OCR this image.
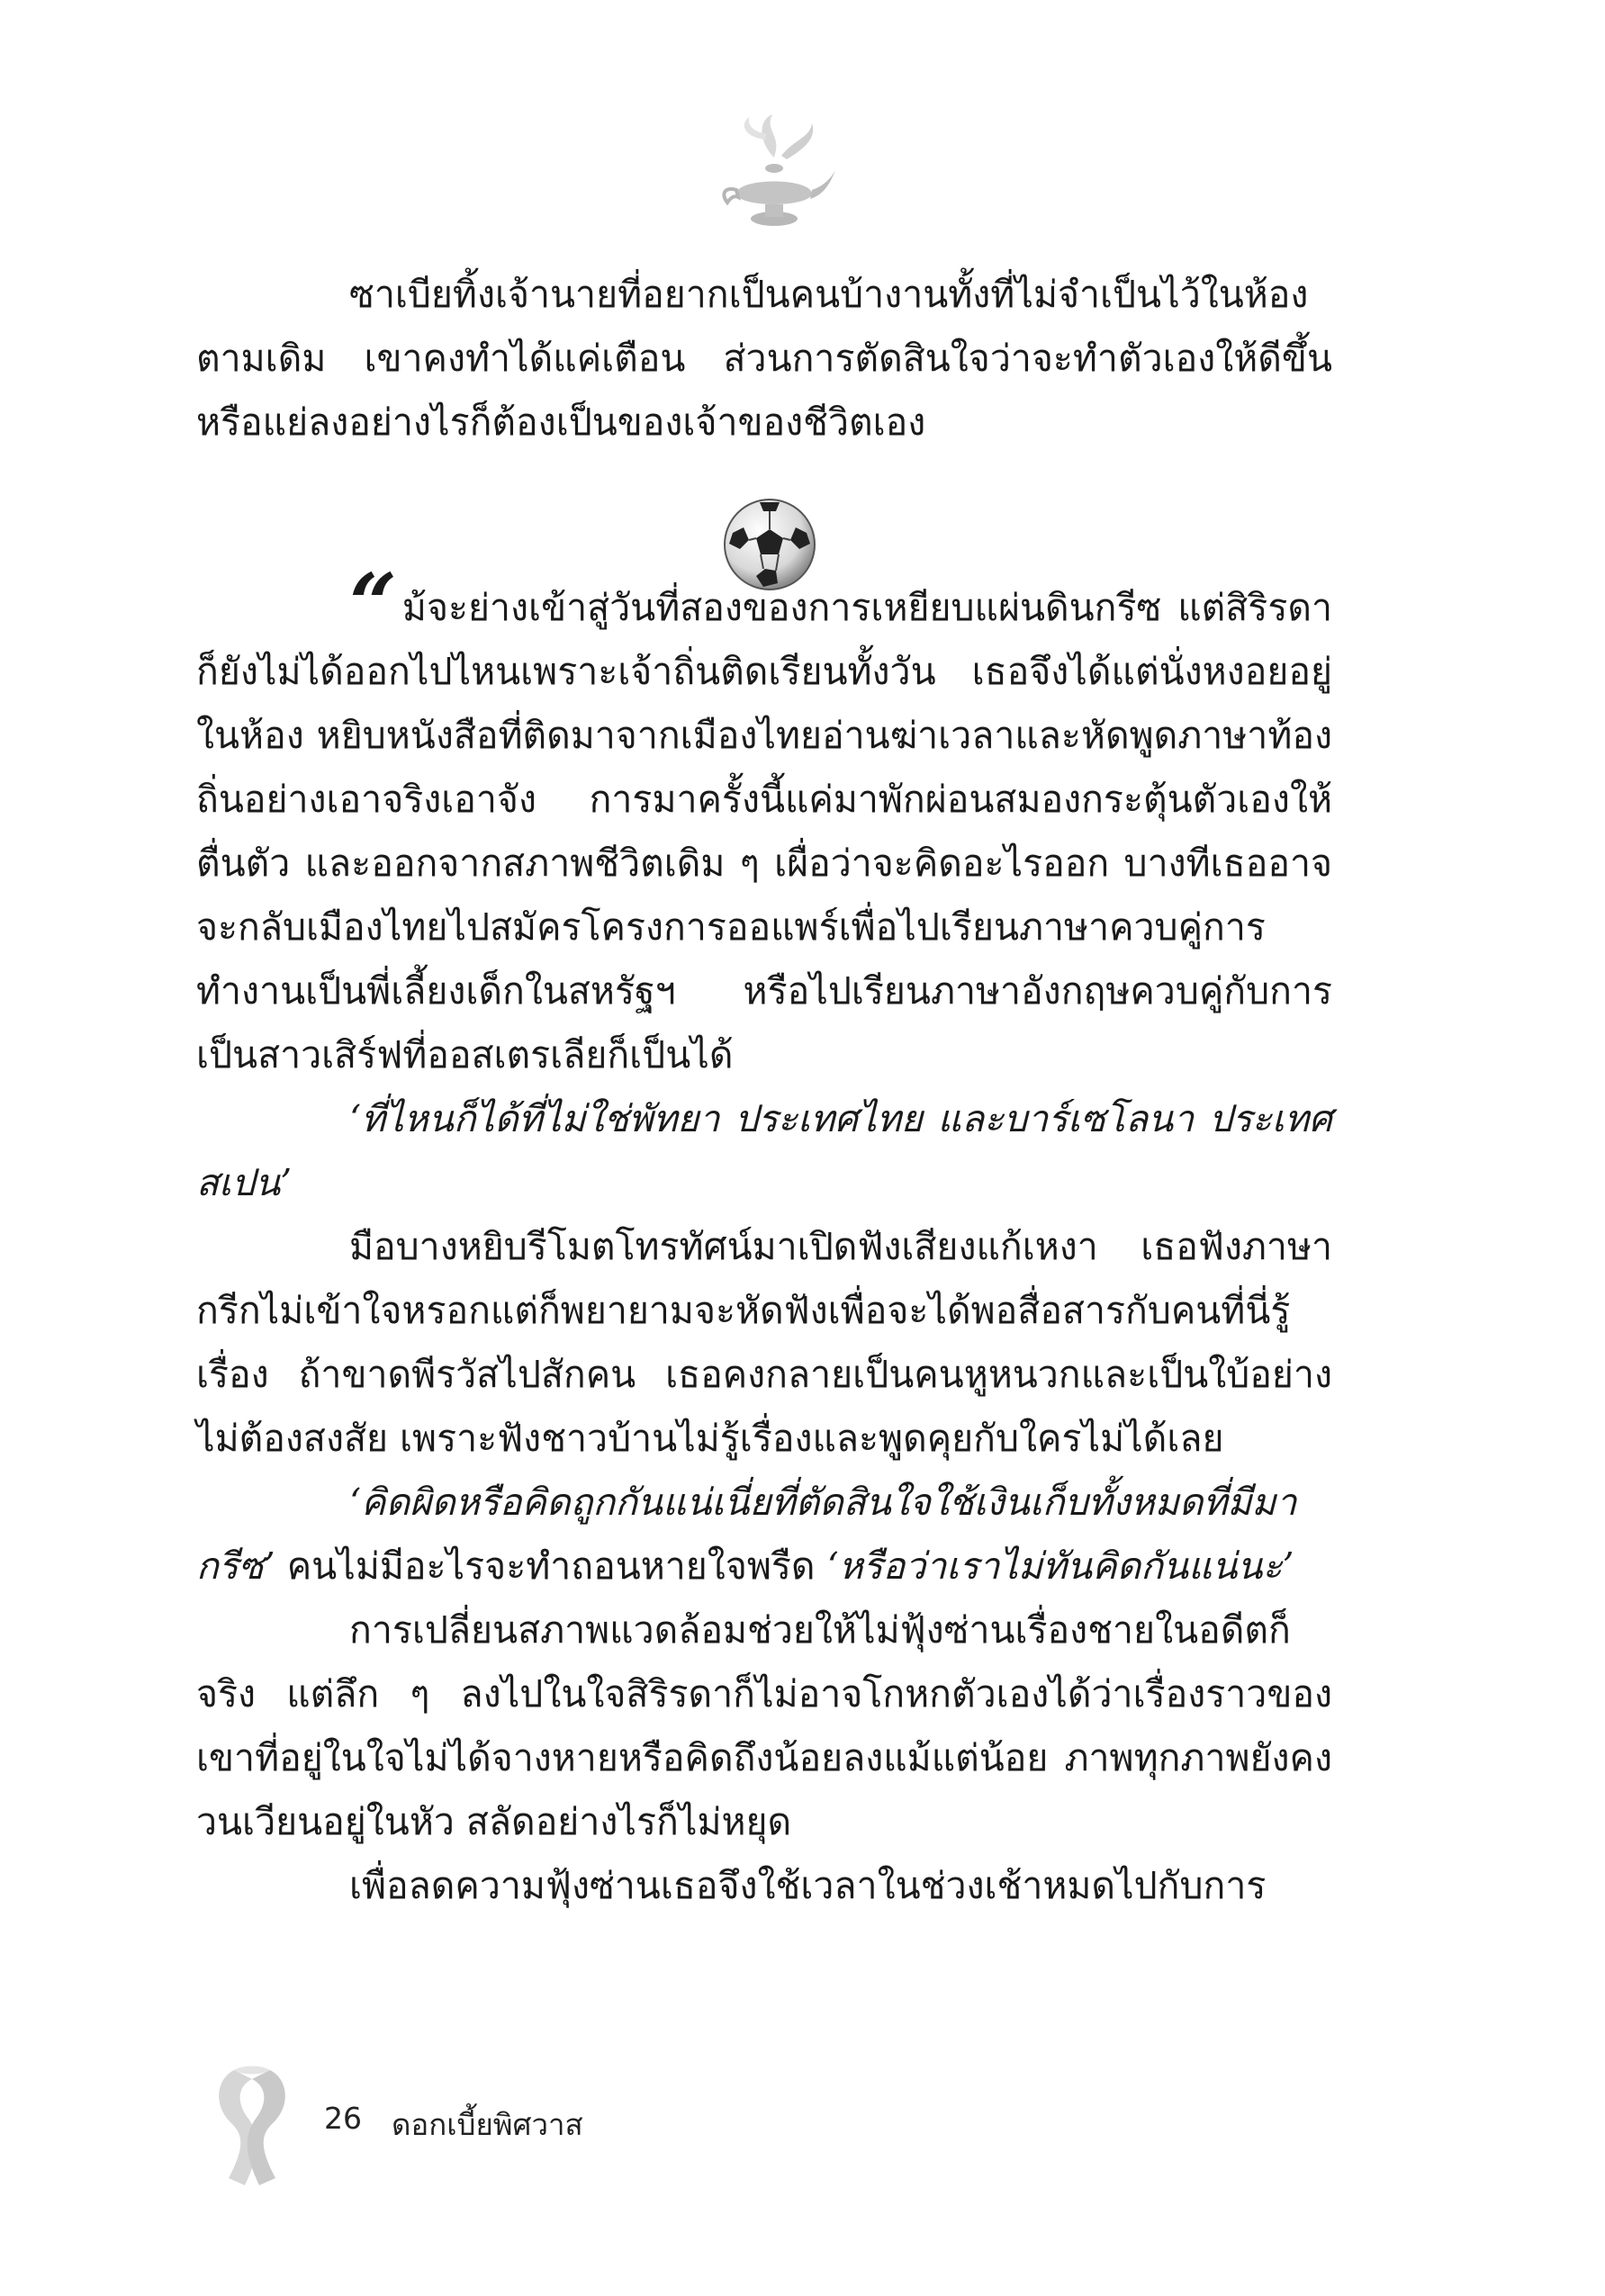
ซาเบียทิ้งเจ้านายที่อยากเป็นคนบ้างานทั้งที่ไม่จำเป็นไว้ในห้องตามเดิม เขาคงทำได้แค่เตือน ส่วนการตัดสินใจว่าจะทำตัวเองให้ดีขึ้นหรือแย่ลงอย่างไรก็ต้องเป็นของเจ้าของชีวิตเอง

“ ม้จะย่างเข้าสู่วันที่สองของการเหยียบแผ่นดินกรีซ แต่สิริรดาก็ยังไม่ได้ออกไปไหนเพราะเจ้าถิ่นติดเรียนทั้งวัน เธอจึงได้แต่นั่งหงอยอยู่ในห้อง หยิบหนังสือที่ติดมาจากเมืองไทยอ่านฆ่าเวลาและหัดพูดภาษาท้องถิ่นอย่างเอาจริงเอาจัง การมาครั้งนี้แค่มาพักผ่อนสมองกระตุ้นตัวเองให้ตื่นตัว และออกจากสภาพชีวิตเดิม ๆ เผื่อว่าจะคิดอะไรออก บางทีเธออาจจะกลับเมืองไทยไปสมัครโครงการออแพร์เพื่อไปเรียนภาษาควบคู่การทำงานเป็นพี่เลี้ยงเด็กในสหรัฐฯ หรือไปเรียนภาษาอังกฤษควบคู่กับการเป็นสาวเสิร์ฟที่ออสเตรเลียก็เป็นได้

‘ที่ไหนก็ได้ที่ไม่ใช่พัทยา ประเทศไทย และบาร์เซโลนา ประเทศสเปน’

มือบางหยิบรีโมตโทรทัศน์มาเปิดฟังเสียงแก้เหงา เธอฟังภาษากรีกไม่เข้าใจหรอกแต่ก็พยายามจะหัดฟังเพื่อจะได้พอสื่อสารกับคนที่นี่รู้เรื่อง ถ้าขาดพีรวัสไปสักคน เธอคงกลายเป็นคนหูหนวกและเป็นใบ้อย่างไม่ต้องสงสัย เพราะฟังชาวบ้านไม่รู้เรื่องและพูดคุยกับใครไม่ได้เลย

‘คิดผิดหรือคิดถูกกันแน่เนี่ยที่ตัดสินใจใช้เงินเก็บทั้งหมดที่มีมากรีซ’ คนไม่มีอะไรจะทำถอนหายใจพรืด ‘หรือว่าเราไม่ทันคิดกันแน่นะ’

การเปลี่ยนสภาพแวดล้อมช่วยให้ไม่ฟุ้งซ่านเรื่องชายในอดีตก็จริง แต่ลึก ๆ ลงไปในใจสิริรดาก็ไม่อาจโกหกตัวเองได้ว่าเรื่องราวของเขาที่อยู่ในใจไม่ได้จางหายหรือคิดถึงน้อยลงแม้แต่น้อย ภาพทุกภาพยังคงวนเวียนอยู่ในหัว สลัดอย่างไรก็ไม่หยุด

เพื่อลดความฟุ้งซ่านเธอจึงใช้เวลาในช่วงเช้าหมดไปกับการ

26 ดอกเบี้ยพิศวาส
